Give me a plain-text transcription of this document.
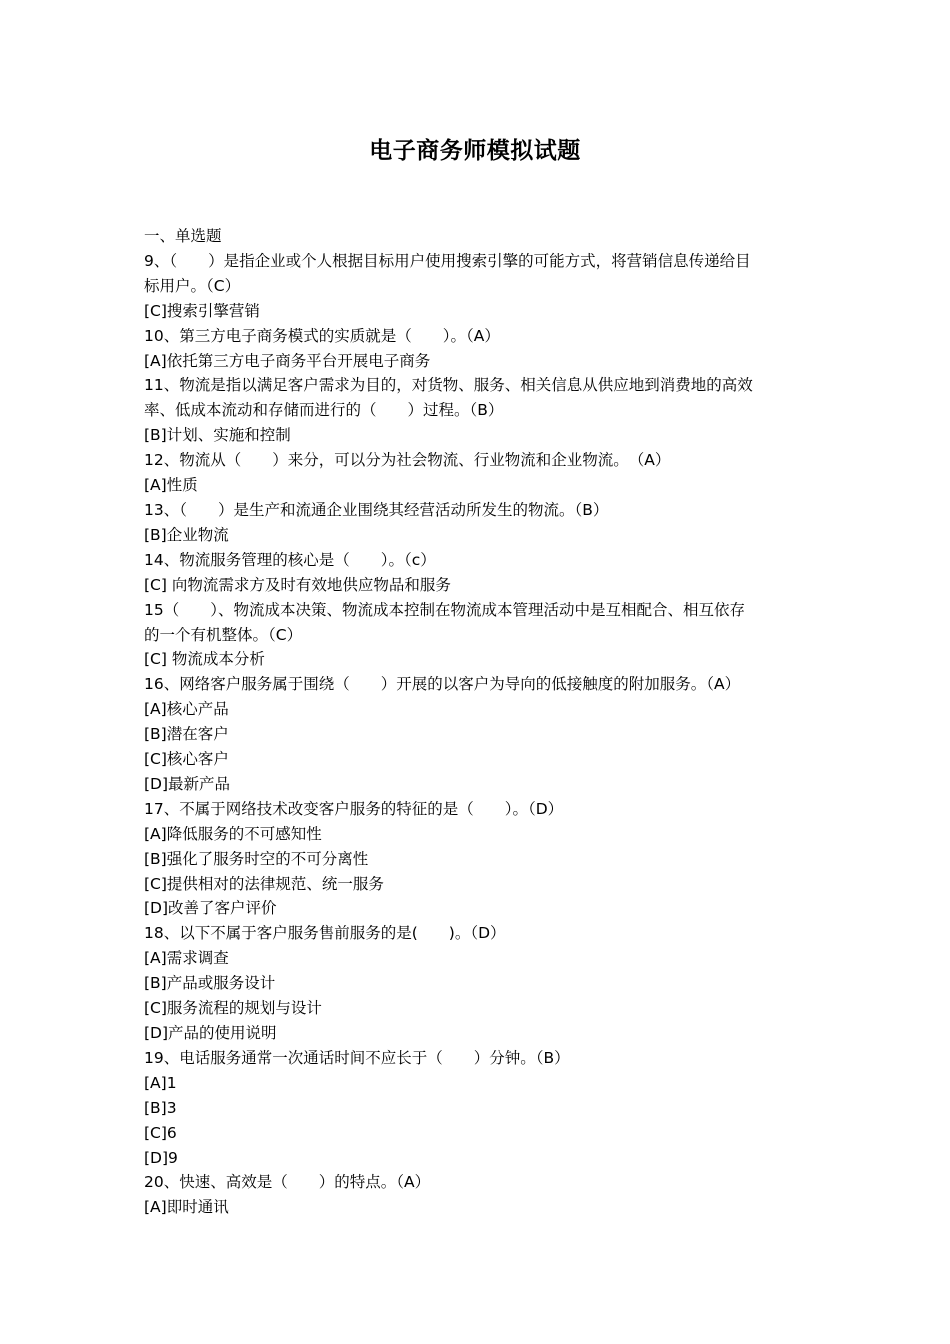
电子商务师模拟试题
一、单选题
9、（　　）是指企业或个人根据目标用户使用搜索引擎的可能方式，将营销信息传递给目
标用户。（C）
[C]搜索引擎营销
10、第三方电子商务模式的实质就是（　　）。（A）
[A]依托第三方电子商务平台开展电子商务
11、物流是指以满足客户需求为目的，对货物、服务、相关信息从供应地到消费地的高效
率、低成本流动和存储而进行的（　　）过程。（B）
[B]计划、实施和控制
12、物流从（　　）来分，可以分为社会物流、行业物流和企业物流。　（A）
[A]性质
13、（　　）是生产和流通企业围绕其经营活动所发生的物流。（B）
[B]企业物流
14、物流服务管理的核心是（　　）。（c）
[C] 向物流需求方及时有效地供应物品和服务
15（　　）、物流成本决策、物流成本控制在物流成本管理活动中是互相配合、相互依存
的一个有机整体。（C）
[C] 物流成本分析
16、网络客户服务属于围绕（　　）开展的以客户为导向的低接触度的附加服务。（A）
[A]核心产品
[B]潜在客户
[C]核心客户
[D]最新产品
17、不属于网络技术改变客户服务的特征的是（　　）。（D）
[A]降低服务的不可感知性
[B]强化了服务时空的不可分离性
[C]提供相对的法律规范、统一服务
[D]改善了客户评价
18、以下不属于客户服务售前服务的是(　　)。（D）
[A]需求调查
[B]产品或服务设计
[C]服务流程的规划与设计
[D]产品的使用说明
19、电话服务通常一次通话时间不应长于（　　）分钟。（B）
[A]1
[B]3
[C]6
[D]9
20、快速、高效是（　　）的特点。（A）
[A]即时通讯
